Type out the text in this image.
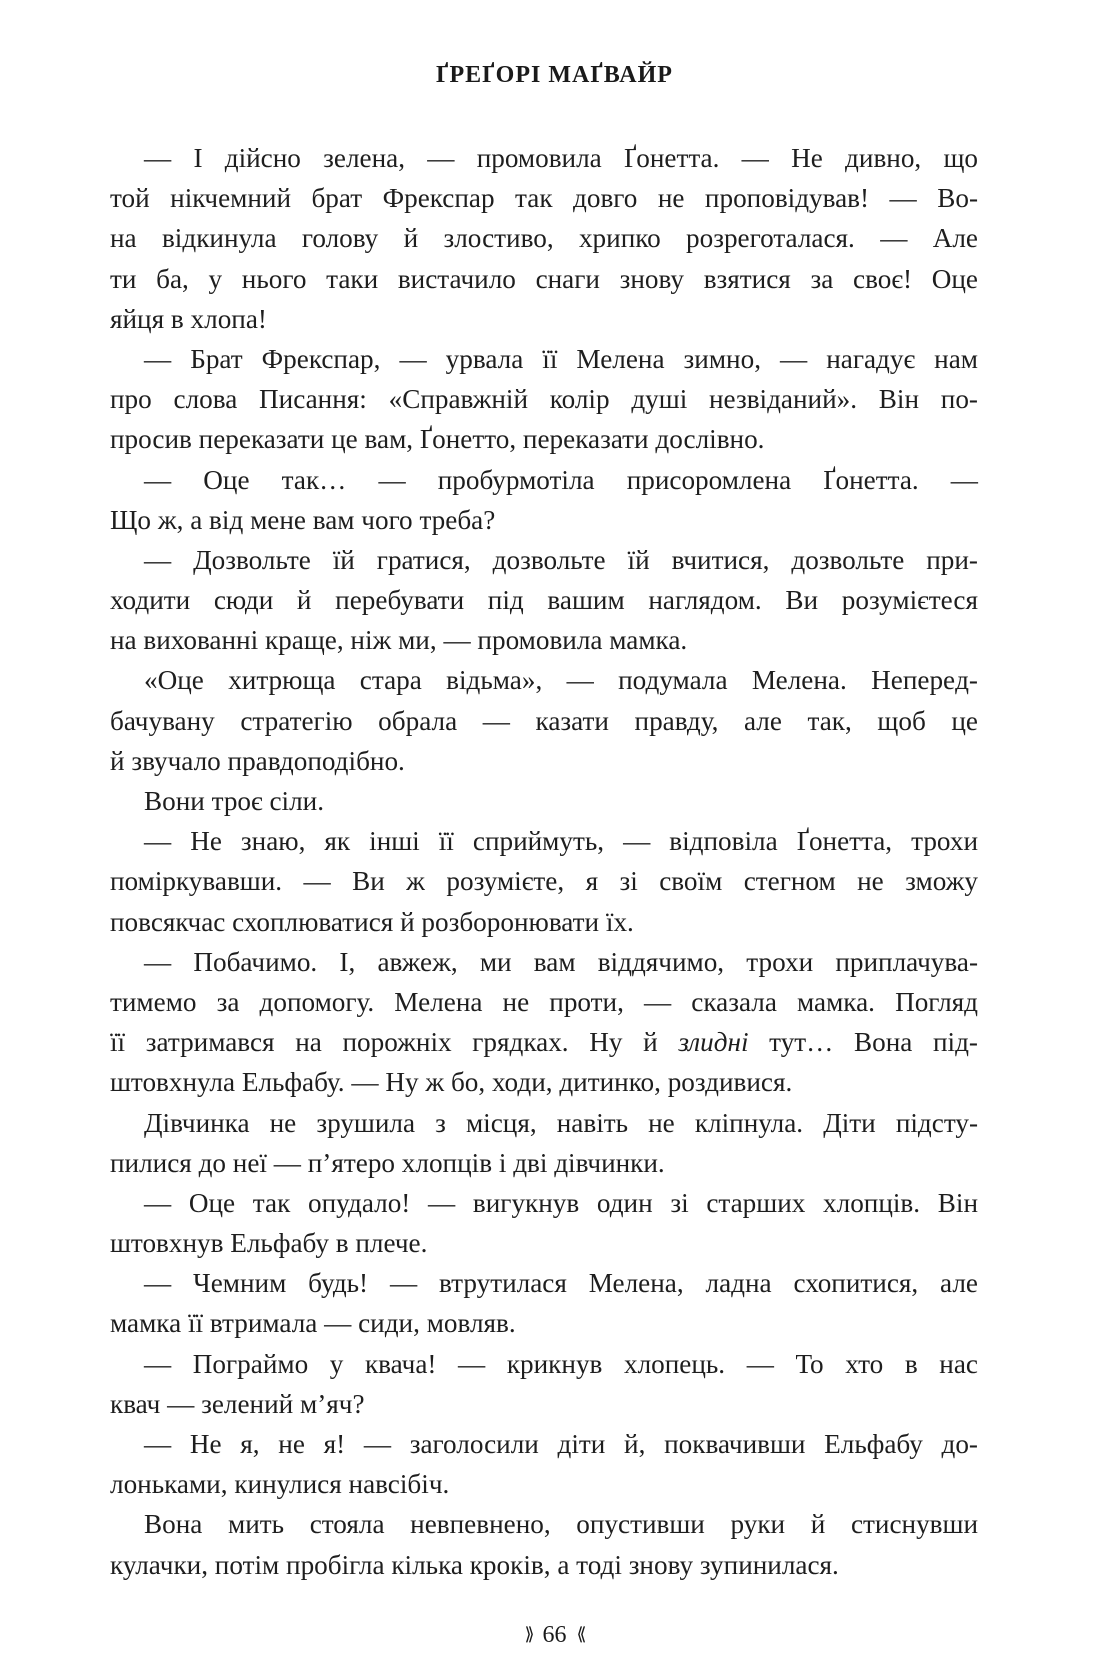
ҐРЕҐОРІ МАҐВАЙР
— І дійсно зелена, — промовила Ґонетта. — Не дивно, що
той нікчемний брат Фрекспар так довго не проповідував! — Во-
на відкинула голову й злостиво, хрипко розреготалася. — Але
ти ба, у нього таки вистачило снаги знову взятися за своє! Оце
яйця в хлопа!
— Брат Фрекспар, — урвала її Мелена зимно, — нагадує нам
про слова Писання: «Справжній колір душі незвіданий». Він по-
просив переказати це вам, Ґонетто, переказати дослівно.
— Оце так… — пробурмотіла присоромлена Ґонетта. —
Що ж, а від мене вам чого треба?
— Дозвольте їй гратися, дозвольте їй вчитися, дозвольте при-
ходити сюди й перебувати під вашим наглядом. Ви розумієтеся
на вихованні краще, ніж ми, — промовила мамка.
«Оце хитрюща стара відьма», — подумала Мелена. Непеpeд-
бачувану стратегію обрала — казати правду, але так, щоб це
й звучало правдоподібно.
Вони троє сіли.
— Не знаю, як інші її сприймуть, — відповіла Ґонетта, трохи
поміркувавши. — Ви ж розумієте, я зі своїм стегном не зможу
повсякчас схоплюватися й розборонювати їх.
— Побачимо. І, авжеж, ми вам віддячимо, трохи приплачува-
тимемо за допомогу. Мелена не проти, — сказала мамка. Погляд
її затримався на порожніх грядках. Ну й злидні тут… Вона під-
штовхнула Ельфабу. — Ну ж бо, ходи, дитинко, роздивися.
Дівчинка не зрушила з місця, навіть не кліпнула. Діти підсту-
пилися до неї — п’ятеро хлопців і дві дівчинки.
— Оце так опудало! — вигукнув один зі старших хлопців. Він
штовхнув Ельфабу в плече.
— Чемним будь! — втрутилася Мелена, ладна схопитися, але
мамка її втримала — сиди, мовляв.
— Пограймо у квача! — крикнув хлопець. — То хто в нас
квач — зелений м’яч?
— Не я, не я! — заголосили діти й, поквачивши Ельфабу до-
лоньками, кинулися навсібіч.
Вона мить стояла невпевнено, опустивши руки й стиснувши
кулачки, потім пробігла кілька кроків, а тоді знову зупинилася.
⟫ 66 ⟪
